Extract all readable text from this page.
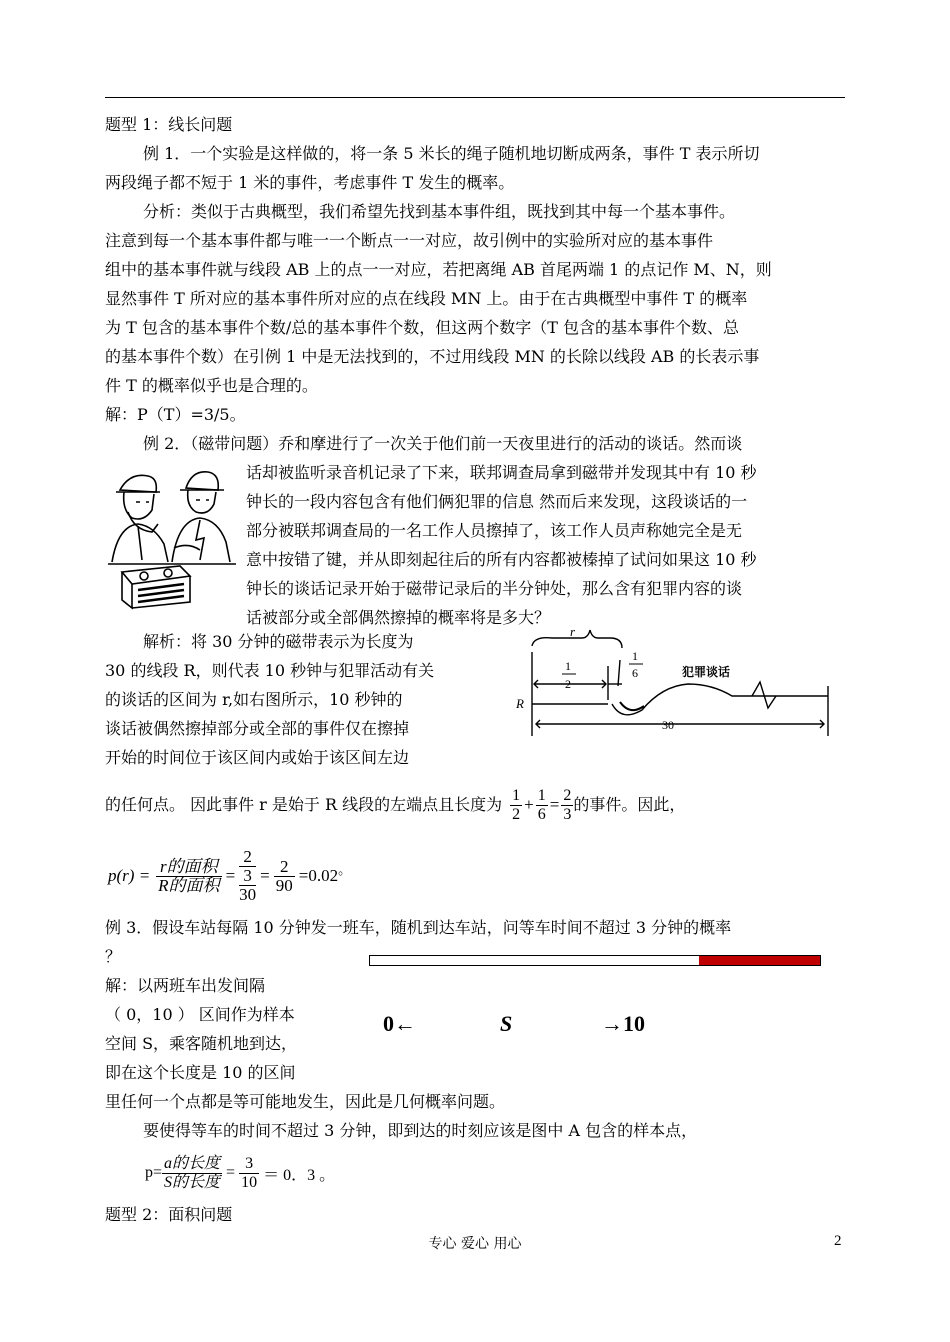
题型 1：线长问题
例 1．一个实验是这样做的，将一条 5 米长的绳子随机地切断成两条，事件 T 表示所切
两段绳子都不短于 1 米的事件，考虑事件 T 发生的概率。
分析：类似于古典概型，我们希望先找到基本事件组，既找到其中每一个基本事件。
注意到每一个基本事件都与唯一一个断点一一对应，故引例中的实验所对应的基本事件
组中的基本事件就与线段 AB 上的点一一对应，若把离绳 AB 首尾两端 1 的点记作 M、N，则
显然事件 T 所对应的基本事件所对应的点在线段 MN 上。由于在古典概型中事件 T 的概率
为 T 包含的基本事件个数/总的基本事件个数，但这两个数字（T 包含的基本事件个数、总
的基本事件个数）在引例 1 中是无法找到的，不过用线段 MN 的长除以线段 AB 的长表示事
件 T 的概率似乎也是合理的。
解：P（T）=3/5。
例 2．（磁带问题）乔和摩进行了一次关于他们前一天夜里进行的活动的谈话。然而谈
话却被监听录音机记录了下来，联邦调查局拿到磁带并发现其中有 10 秒
钟长的一段内容包含有他们俩犯罪的信息 然而后来发现，这段谈话的一
部分被联邦调查局的一名工作人员擦掉了，该工作人员声称她完全是无
意中按错了键，并从即刻起往后的所有内容都被榛掉了试问如果这 10 秒
钟长的谈话记录开始于磁带记录后的半分钟处，那么含有犯罪内容的谈
话被部分或全部偶然擦掉的概率将是多大？
解析：将 30 分钟的磁带表示为长度为
30 的线段 R，则代表 10 秒钟与犯罪活动有关
的谈话的区间为 r,如右图所示，10 秒钟的
谈话被偶然擦掉部分或全部的事件仅在擦掉
开始的时间位于该区间内或始于该区间左边
r
1
2
1
6	犯罪谈话
R
30
的任何点。 因此事件 r 是始于 R 线段的左端点且长度为 $\frac{1}{2} + \frac{1}{6} = \frac{2}{3}$ 的事件。因此，
$p(r) = \frac{\text{r的面积}}{\text{R的面积}}$ =
2
3
30
= $\frac{2}{90} =0.02$ 。
例 3．假设车站每隔 10 分钟发一班车，随机到达车站，问等车时间不超过 3 分钟的概率
？
解：以两班车出发间隔
（ 0，10 ） 区间作为样本
空间 S，乘客随机地到达，
即在这个长度是 10 的区间
里任何一个点都是等可能地发生，因此是几何概率问题。
0←	S	→10
要使得等车的时间不超过 3 分钟，即到达的时刻应该是图中 A 包含的样本点，
$p= \frac{\text{a的长度}}{\text{S的长度}} = \frac{3}{10} = 0$．3 。
题型 2：面积问题
专心 爱心 用心	2
